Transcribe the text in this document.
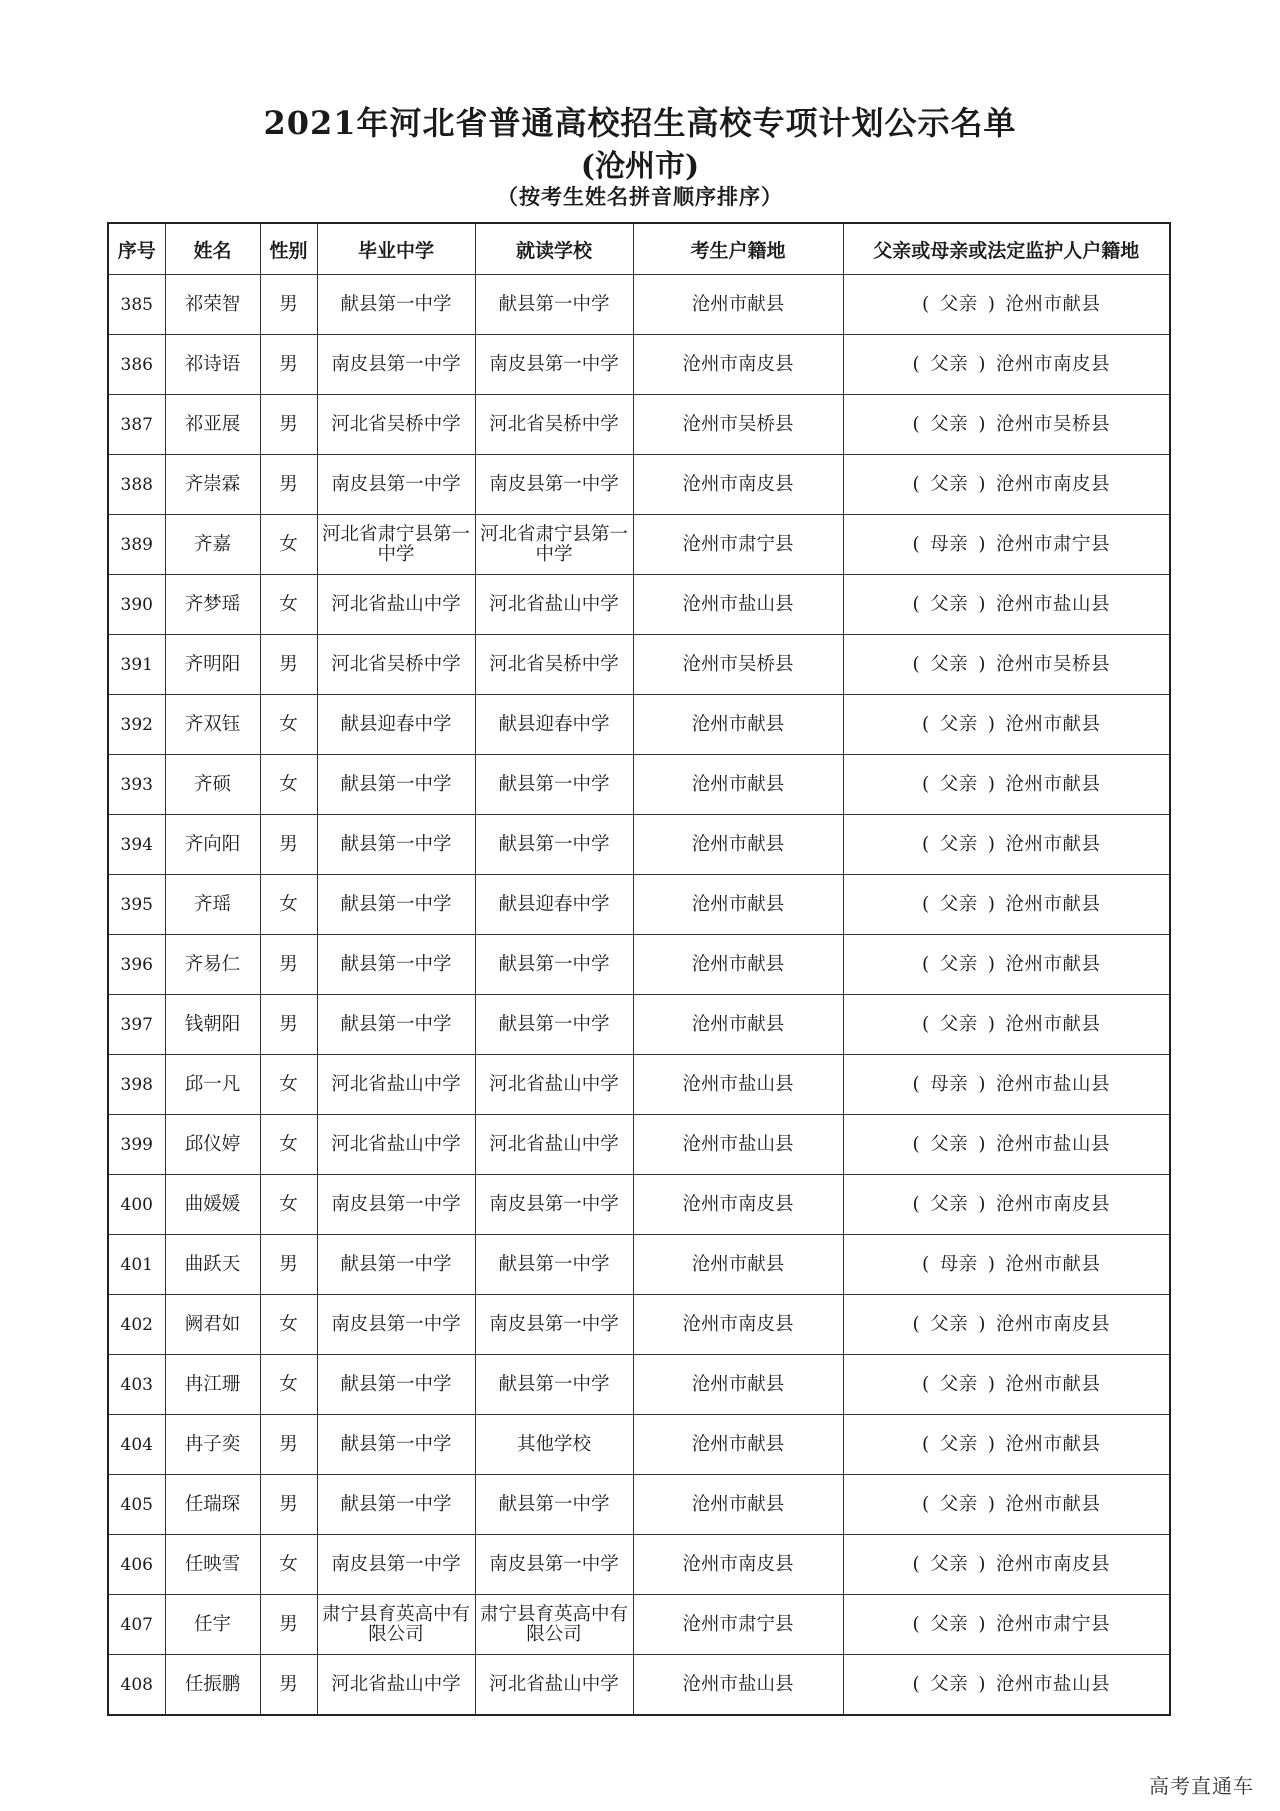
2021年河北省普通高校招生高校专项计划公示名单
(沧州市)
（按考生姓名拼音顺序排序）
序号	姓名	性别	毕业中学	就读学校	考生户籍地	父亲或母亲或法定监护人户籍地
385	祁荣智	男	献县第一中学	献县第一中学	沧州市献县	( 父亲 ) 沧州市献县
386	祁诗语	男	南皮县第一中学	南皮县第一中学	沧州市南皮县	( 父亲 ) 沧州市南皮县
387	祁亚展	男	河北省吴桥中学	河北省吴桥中学	沧州市吴桥县	( 父亲 ) 沧州市吴桥县
388	齐崇霖	男	南皮县第一中学	南皮县第一中学	沧州市南皮县	( 父亲 ) 沧州市南皮县
389	齐嘉	女	河北省肃宁县第一中学	河北省肃宁县第一中学	沧州市肃宁县	( 母亲 ) 沧州市肃宁县
390	齐梦瑶	女	河北省盐山中学	河北省盐山中学	沧州市盐山县	( 父亲 ) 沧州市盐山县
391	齐明阳	男	河北省吴桥中学	河北省吴桥中学	沧州市吴桥县	( 父亲 ) 沧州市吴桥县
392	齐双钰	女	献县迎春中学	献县迎春中学	沧州市献县	( 父亲 ) 沧州市献县
393	齐硕	女	献县第一中学	献县第一中学	沧州市献县	( 父亲 ) 沧州市献县
394	齐向阳	男	献县第一中学	献县第一中学	沧州市献县	( 父亲 ) 沧州市献县
395	齐瑶	女	献县第一中学	献县迎春中学	沧州市献县	( 父亲 ) 沧州市献县
396	齐易仁	男	献县第一中学	献县第一中学	沧州市献县	( 父亲 ) 沧州市献县
397	钱朝阳	男	献县第一中学	献县第一中学	沧州市献县	( 父亲 ) 沧州市献县
398	邱一凡	女	河北省盐山中学	河北省盐山中学	沧州市盐山县	( 母亲 ) 沧州市盐山县
399	邱仪婷	女	河北省盐山中学	河北省盐山中学	沧州市盐山县	( 父亲 ) 沧州市盐山县
400	曲媛媛	女	南皮县第一中学	南皮县第一中学	沧州市南皮县	( 父亲 ) 沧州市南皮县
401	曲跃天	男	献县第一中学	献县第一中学	沧州市献县	( 母亲 ) 沧州市献县
402	阙君如	女	南皮县第一中学	南皮县第一中学	沧州市南皮县	( 父亲 ) 沧州市南皮县
403	冉江珊	女	献县第一中学	献县第一中学	沧州市献县	( 父亲 ) 沧州市献县
404	冉子奕	男	献县第一中学	其他学校	沧州市献县	( 父亲 ) 沧州市献县
405	任瑞琛	男	献县第一中学	献县第一中学	沧州市献县	( 父亲 ) 沧州市献县
406	任映雪	女	南皮县第一中学	南皮县第一中学	沧州市南皮县	( 父亲 ) 沧州市南皮县
407	任宇	男	肃宁县育英高中有限公司	肃宁县育英高中有限公司	沧州市肃宁县	( 父亲 ) 沧州市肃宁县
408	任振鹏	男	河北省盐山中学	河北省盐山中学	沧州市盐山县	( 父亲 ) 沧州市盐山县
高考直通车
